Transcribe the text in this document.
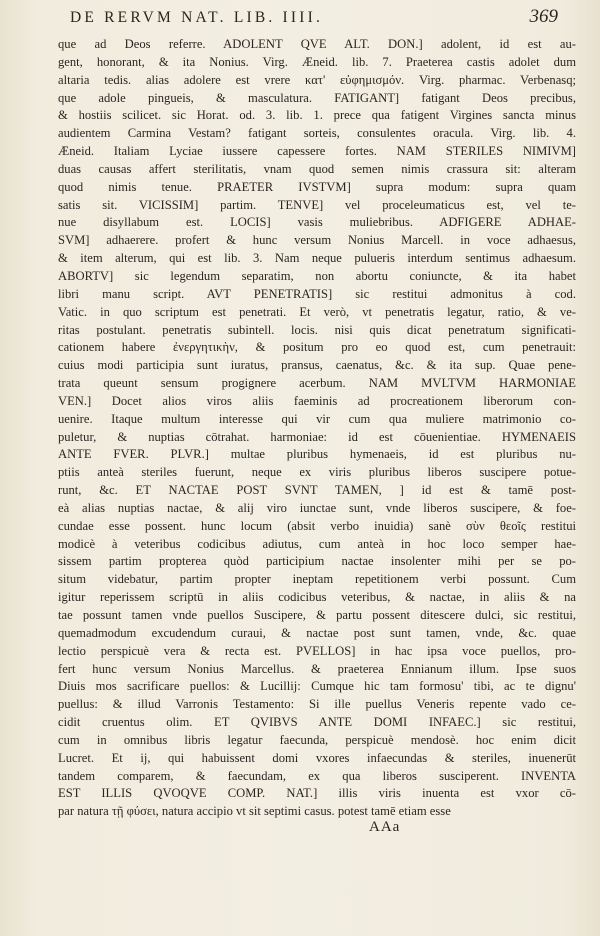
DE RERVM NAT. LIB. IIII.	369
que ad Deos referre. ADOLENT QVE ALT. DON.] adolent, id est au-
gent, honorant, & ita Nonius. Virg. Æneid. lib. 7. Praeterea castis adolet dum
altaria tedis. alias adolere est vrere κατ' εὐφημισμόν. Virg. pharmac. Verbenasq;
que adole pingueis, & masculatura. FATIGANT] fatigant Deos precibus,
& hostiis scilicet. sic Horat. od. 3. lib. 1. prece qua fatigent Virgines sancta minus
audientem Carmina Vestam? fatigant sorteis, consulentes oracula. Virg. lib. 4.
Æneid. Italiam Lyciae iussere capessere fortes. NAM STERILES NIMIVM]
duas causas affert sterilitatis, vnam quod semen nimis crassura sit: alteram
quod nimis tenue. PRAETER IVSTVM] supra modum: supra quam
satis sit. VICISSIM] partim. TENVE] vel proceleumaticus est, vel te-
nue disyllabum est. LOCIS] vasis muliebribus. ADFIGERE ADHAE-
SVM] adhaerere. profert & hunc versum Nonius Marcell. in voce adhaesus,
& item alterum, qui est lib. 3. Nam neque pulueris interdum sentimus adhaesum.
ABORTV] sic legendum separatim, non abortu coniuncte, & ita habet
libri manu script. AVT PENETRATIS] sic restitui admonitus à cod.
Vatic. in quo scriptum est penetrati. Et verò, vt penetratis legatur, ratio, & ve-
ritas postulant. penetratis subintell. locis. nisi quis dicat penetratum significati-
cationem habere ἐνεργητικὴν, & positum pro eo quod est, cum penetrauit:
cuius modi participia sunt iuratus, pransus, caenatus, &c. & ita sup. Quae pene-
trata queunt sensum progignere acerbum. NAM MVLTVM HARMONIAE
VEN.] Docet alios viros aliis faeminis ad procreationem liberorum con-
uenire. Itaque multum interesse qui vir cum qua muliere matrimonio co-
puletur, & nuptias cōtrahat. harmoniae: id est cōuenientiae. HYMENAEIS
ANTE FVER. PLVR.] multae pluribus hymenaeis, id est pluribus nu-
ptiis anteà steriles fuerunt, neque ex viris pluribus liberos suscipere potue-
runt, &c. ET NACTAE POST SVNT TAMEN, ] id est & tamē post-
eà alias nuptias nactae, & alij viro iunctae sunt, vnde liberos suscipere, & foe-
cundae esse possent. hunc locum (absit verbo inuidia) sanè σὺν θεοῖς restitui
modicè à veteribus codicibus adiutus, cum anteà in hoc loco semper hae-
sissem partim propterea quòd participium nactae insolenter mihi per se po-
situm videbatur, partim propter ineptam repetitionem verbi possunt. Cum
igitur reperissem scriptū in aliis codicibus veteribus, & nactae, in aliis & na
tae possunt tamen vnde puellos Suscipere, & partu possent ditescere dulci, sic restitui,
quemadmodum excudendum curaui, & nactae post sunt tamen, vnde, &c. quae
lectio perspicuè vera & recta est. PVELLOS] in hac ipsa voce puellos, pro-
fert hunc versum Nonius Marcellus. & praeterea Ennianum illum. Ipse suos
Diuis mos sacrificare puellos: & Lucillij: Cumque hic tam formosu' tibi, ac te dignu'
puellus: & illud Varronis Testamento: Si ille puellus Veneris repente vado ce-
cidit cruentus olim. ET QVIBVS ANTE DOMI INFAEC.] sic restitui,
cum in omnibus libris legatur faecunda, perspicuè mendosè. hoc enim dicit
Lucret. Et ij, qui habuissent domi vxores infaecundas & steriles, inuenerūt
tandem comparem, & faecundam, ex qua liberos susciperent. INVENTA
EST ILLIS QVOQVE COMP. NAT.] illis viris inuenta est vxor cō-
par natura τῇ φύσει, natura accipio vt sit septimi casus. potest tamē etiam esse
AAa
